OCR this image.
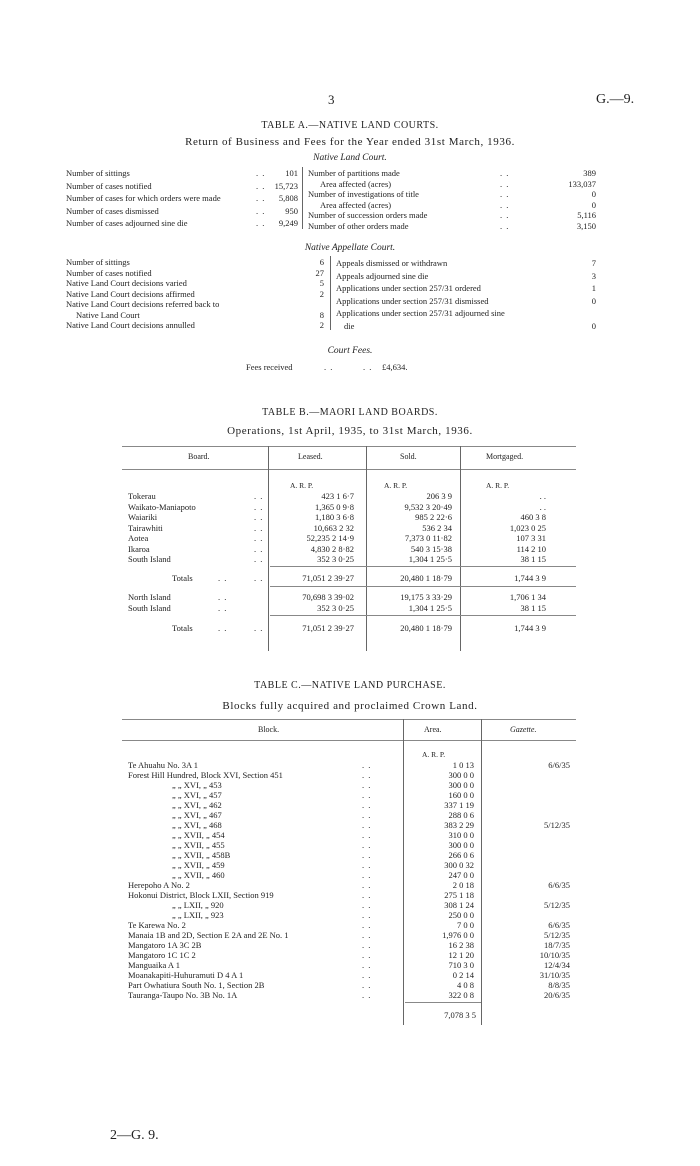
3	G.—9.
TABLE A.—NATIVE LAND COURTS.
Return of Business and Fees for the Year ended 31st March, 1936.
Native Land Court.
Number of sittings	. . 101
Number of cases notified	. . 15,723
Number of cases for which orders were made	. . 5,808
Number of cases dismissed	. . 950
Number of cases adjourned sine die	. . 9,249
Number of partitions made	. .	389
Area affected (acres)	. .	133,037
Number of investigations of title	. .	0
Area affected (acres)	. .	0
Number of succession orders made	. .	5,116
Number of other orders made	. .	3,150
Native Appellate Court.
Number of sittings	6
Number of cases notified	27
Native Land Court decisions varied	5
Native Land Court decisions affirmed	2
Native Land Court decisions referred back to
Native Land Court	8
Native Land Court decisions annulled	2
Appeals dismissed or withdrawn	7
Appeals adjourned sine die	3
Applications under section 257/31 ordered	1
Applications under section 257/31 dismissed	0
Applications under section 257/31 adjourned sine
die	0
Court Fees.
Fees received	. .	. . £4,634.
TABLE B.—MAORI LAND BOARDS.
Operations, 1st April, 1935, to 31st March, 1936.
Board.	Leased.	Sold.	Mortgaged.
A. R. P.	A. R. P.	A. R. P.
Tokerau	. .	423 1 6·7	206 3 9	. .
Waikato-Maniapoto	. .	1,365 0 9·8	9,532 3 20·49	. .
Waiariki	. .	1,180 3 6·8	985 2 22·6	460 3 8
Tairawhiti	. .	10,663 2 32	536 2 34	1,023 0 25
Aotea	. .	52,235 2 14·9	7,373 0 11·82	107 3 31
Ikaroa	. .	4,830 2 8·82	540 3 15·38	114 2 10
South Island	. .	352 3 0·25	1,304 1 25·5	38 1 15
Totals	. .	. .	71,051 2 39·27	20,480 1 18·79	1,744 3 9
North Island	. .	70,698 3 39·02	19,175 3 33·29	1,706 1 34
South Island	. .	352 3 0·25	1,304 1 25·5	38 1 15
Totals	. .	. .	71,051 2 39·27	20,480 1 18·79	1,744 3 9
TABLE C.—NATIVE LAND PURCHASE.
Blocks fully acquired and proclaimed Crown Land.
Block.	Area.	Gazette.
A. R. P.
Te Ahuahu No. 3A 1	. .	1 0 13	6/6/35
Forest Hill Hundred, Block XVI, Section 451	. .	300 0 0
„ „ XVI, „ 453	. .	300 0 0
„ „ XVI, „ 457	. .	160 0 0
„ „ XVI, „ 462	. .	337 1 19
„ „ XVI, „ 467	. .	288 0 6
„ „ XVI, „ 468	. .	383 2 29	5/12/35
„ „ XVII, „ 454	. .	310 0 0
„ „ XVII, „ 455	. .	300 0 0
„ „ XVII, „ 458B	. .	266 0 6
„ „ XVII, „ 459	. .	300 0 32
„ „ XVII, „ 460	. .	247 0 0
Herepoho A No. 2	. .	2 0 18	6/6/35
Hokonui District, Block LXII, Section 919	. .	275 1 18
„ „ LXII, „ 920	. .	308 1 24	5/12/35
„ „ LXII, „ 923	. .	250 0 0
Te Karewa No. 2	. .	7 0 0	6/6/35
Manaia 1B and 2D, Section E 2A and 2E No. 1	. .	1,976 0 0	5/12/35
Mangatoro 1A 3C 2B	. .	16 2 38	18/7/35
Mangatoro 1C 1C 2	. .	12 1 20	10/10/35
Manguaika A 1	. .	710 3 0	12/4/34
Moanakapiti-Huhuramuti D 4 A 1	. .	0 2 14	31/10/35
Part Owhatiura South No. 1, Section 2B	. .	4 0 8	8/8/35
Tauranga-Taupo No. 3B No. 1A	. .	322 0 8	20/6/35
7,078 3 5
2—G. 9.
